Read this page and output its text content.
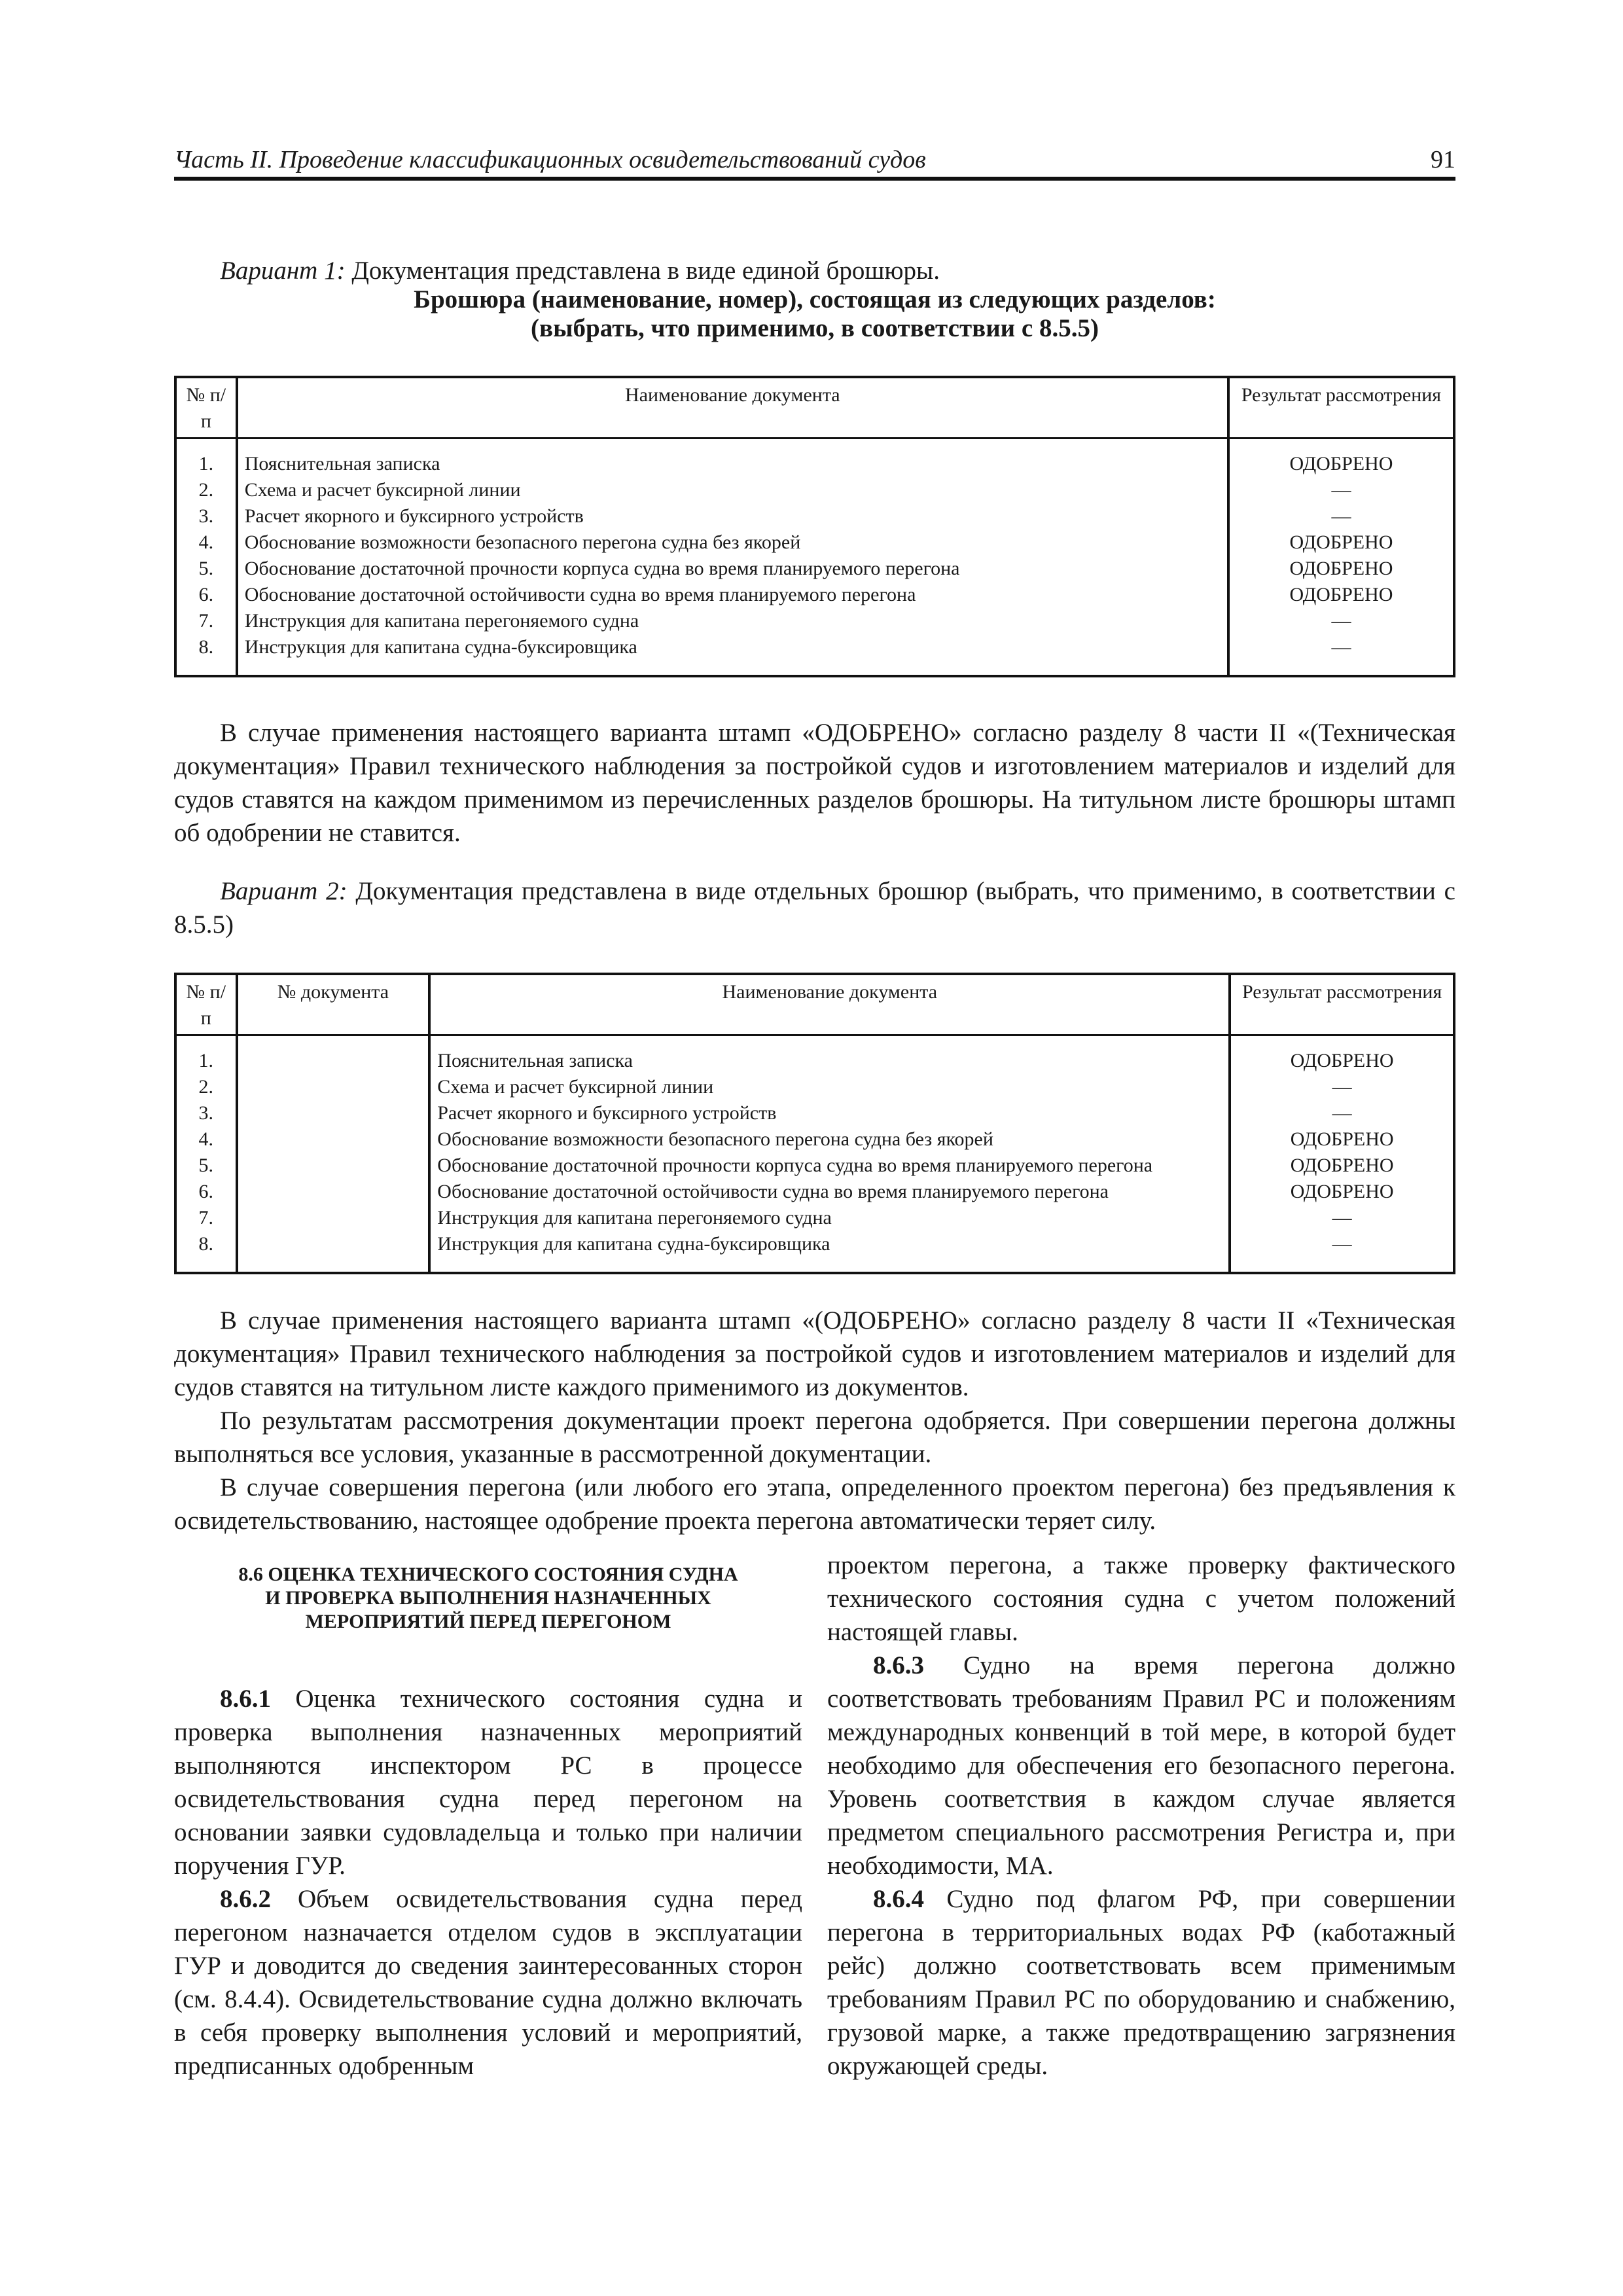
Часть II. Проведение классификационных освидетельствований судов	91
Вариант 1: Документация представлена в виде единой брошюры.
Брошюра (наименование, номер), состоящая из следующих разделов:
(выбрать, что применимо, в соответствии с 8.5.5)
№ п/п	Наименование документа	Результат рассмотрения
1.	Пояснительная записка	ОДОБРЕНО
2.	Схема и расчет буксирной линии	—
3.	Расчет якорного и буксирного устройств	—
4.	Обоснование возможности безопасного перегона судна без якорей	ОДОБРЕНО
5.	Обоснование достаточной прочности корпуса судна во время планируемого перегона	ОДОБРЕНО
6.	Обоснование достаточной остойчивости судна во время планируемого перегона	ОДОБРЕНО
7.	Инструкция для капитана перегоняемого судна	—
8.	Инструкция для капитана судна-буксировщика	—

В случае применения настоящего варианта штамп «ОДОБРЕНО» согласно разделу 8 части II «(Техническая документация» Правил технического наблюдения за постройкой судов и изготовлением материалов и изделий для судов ставятся на каждом применимом из перечисленных разделов брошюры. На титульном листе брошюры штамп об одобрении не ставится.

Вариант 2: Документация представлена в виде отдельных брошюр (выбрать, что применимо, в соответствии с 8.5.5)

№ п/п	№ документа	Наименование документа	Результат рассмотрения
1.		Пояснительная записка	ОДОБРЕНО
2.		Схема и расчет буксирной линии	—
3.		Расчет якорного и буксирного устройств	—
4.		Обоснование возможности безопасного перегона судна без якорей	ОДОБРЕНО
5.		Обоснование достаточной прочности корпуса судна во время планируемого перегона	ОДОБРЕНО
6.		Обоснование достаточной остойчивости судна во время планируемого перегона	ОДОБРЕНО
7.		Инструкция для капитана перегоняемого судна	—
8.		Инструкция для капитана судна-буксировщика	—

В случае применения настоящего варианта штамп «(ОДОБРЕНО» согласно разделу 8 части II «Техническая документация» Правил технического наблюдения за постройкой судов и изготовлением материалов и изделий для судов ставятся на титульном листе каждого применимого из документов.

По результатам рассмотрения документации проект перегона одобряется. При совершении перегона должны выполняться все условия, указанные в рассмотренной документации.

В случае совершения перегона (или любого его этапа, определенного проектом перегона) без предъявления к освидетельствованию, настоящее одобрение проекта перегона автоматически теряет силу.

8.6 ОЦЕНКА ТЕХНИЧЕСКОГО СОСТОЯНИЯ СУДНА
И ПРОВЕРКА ВЫПОЛНЕНИЯ НАЗНАЧЕННЫХ
МЕРОПРИЯТИЙ ПЕРЕД ПЕРЕГОНОМ

8.6.1 Оценка технического состояния судна и проверка выполнения назначенных мероприятий выполняются инспектором РС в процессе освидетельствования судна перед перегоном на основании заявки судовладельца и только при наличии поручения ГУР.

8.6.2 Объем освидетельствования судна перед перегоном назначается отделом судов в эксплуатации ГУР и доводится до сведения заинтересованных сторон (см. 8.4.4). Освидетельствование судна должно включать в себя проверку выполнения условий и мероприятий, предписанных одобренным

проектом перегона, а также проверку фактического технического состояния судна с учетом положений настоящей главы.

8.6.3 Судно на время перегона должно соответствовать требованиям Правил РС и положениям международных конвенций в той мере, в которой будет необходимо для обеспечения его безопасного перегона. Уровень соответствия в каждом случае является предметом специального рассмотрения Регистра и, при необходимости, МА.

8.6.4 Судно под флагом РФ, при совершении перегона в территориальных водах РФ (каботажный рейс) должно соответствовать всем применимым требованиям Правил РС по оборудованию и снабжению, грузовой марке, а также предотвращению загрязнения окружающей среды.
